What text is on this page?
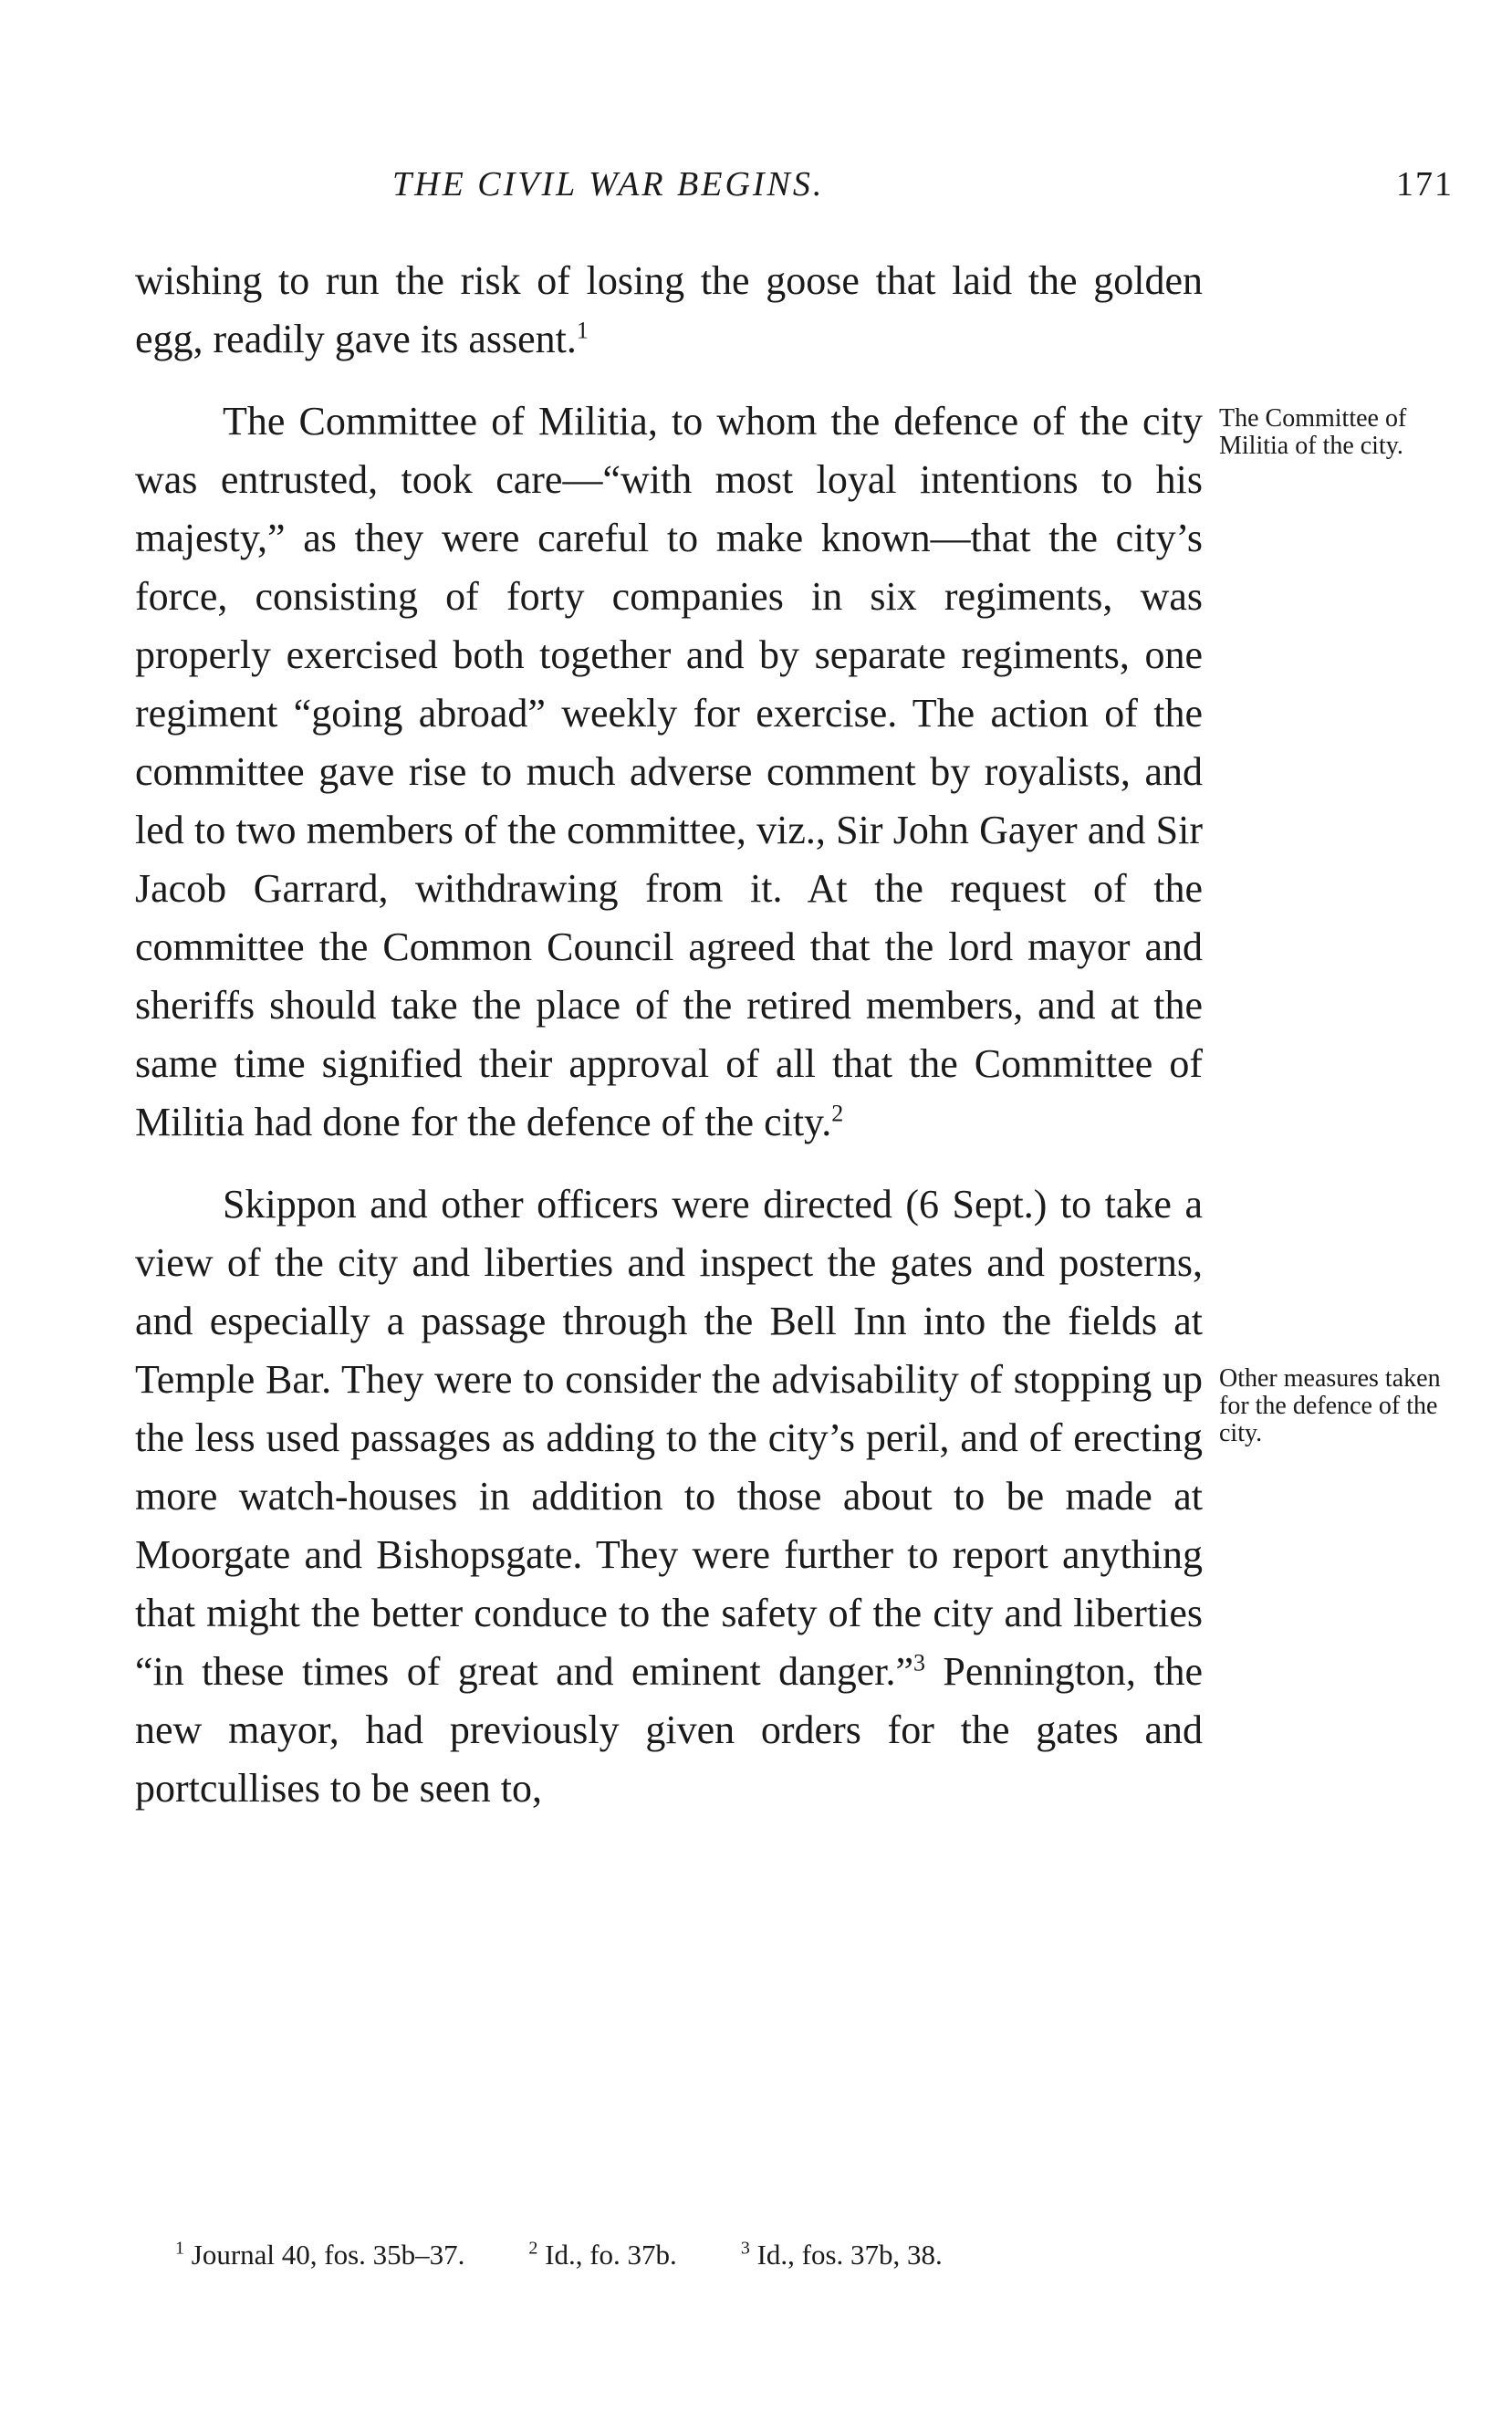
THE CIVIL WAR BEGINS.	171

wishing to run the risk of losing the goose that laid the golden egg, readily gave its assent.$^1$

The Committee of Militia, to whom the defence of the city was entrusted, took care—“with most loyal intentions to his majesty,” as they were careful to make known—that the city’s force, consisting of forty companies in six regiments, was properly exercised both together and by separate regiments, one regiment “going abroad” weekly for exercise. The action of the committee gave rise to much adverse comment by royalists, and led to two members of the committee, viz., Sir John Gayer and Sir Jacob Garrard, withdrawing from it. At the request of the committee the Common Council agreed that the lord mayor and sheriffs should take the place of the retired members, and at the same time signified their approval of all that the Committee of Militia had done for the defence of the city.$^2$

Skippon and other officers were directed (6 Sept.) to take a view of the city and liberties and inspect the gates and posterns, and especially a passage through the Bell Inn into the fields at Temple Bar. They were to consider the advisability of stopping up the less used passages as adding to the city’s peril, and of erecting more watch-houses in addition to those about to be made at Moorgate and Bishopsgate. They were further to report anything that might the better conduce to the safety of the city and liberties “in these times of great and eminent danger.”$^3$ Pennington, the new mayor, had previously given orders for the gates and portcullises to be seen to,

The Committee of Militia of the city.
Other measures taken for the defence of the city.
$^1$ Journal 40, fos. 35b–37.	$^2$ Id., fo. 37b.	$^3$ Id., fos. 37b, 38.
